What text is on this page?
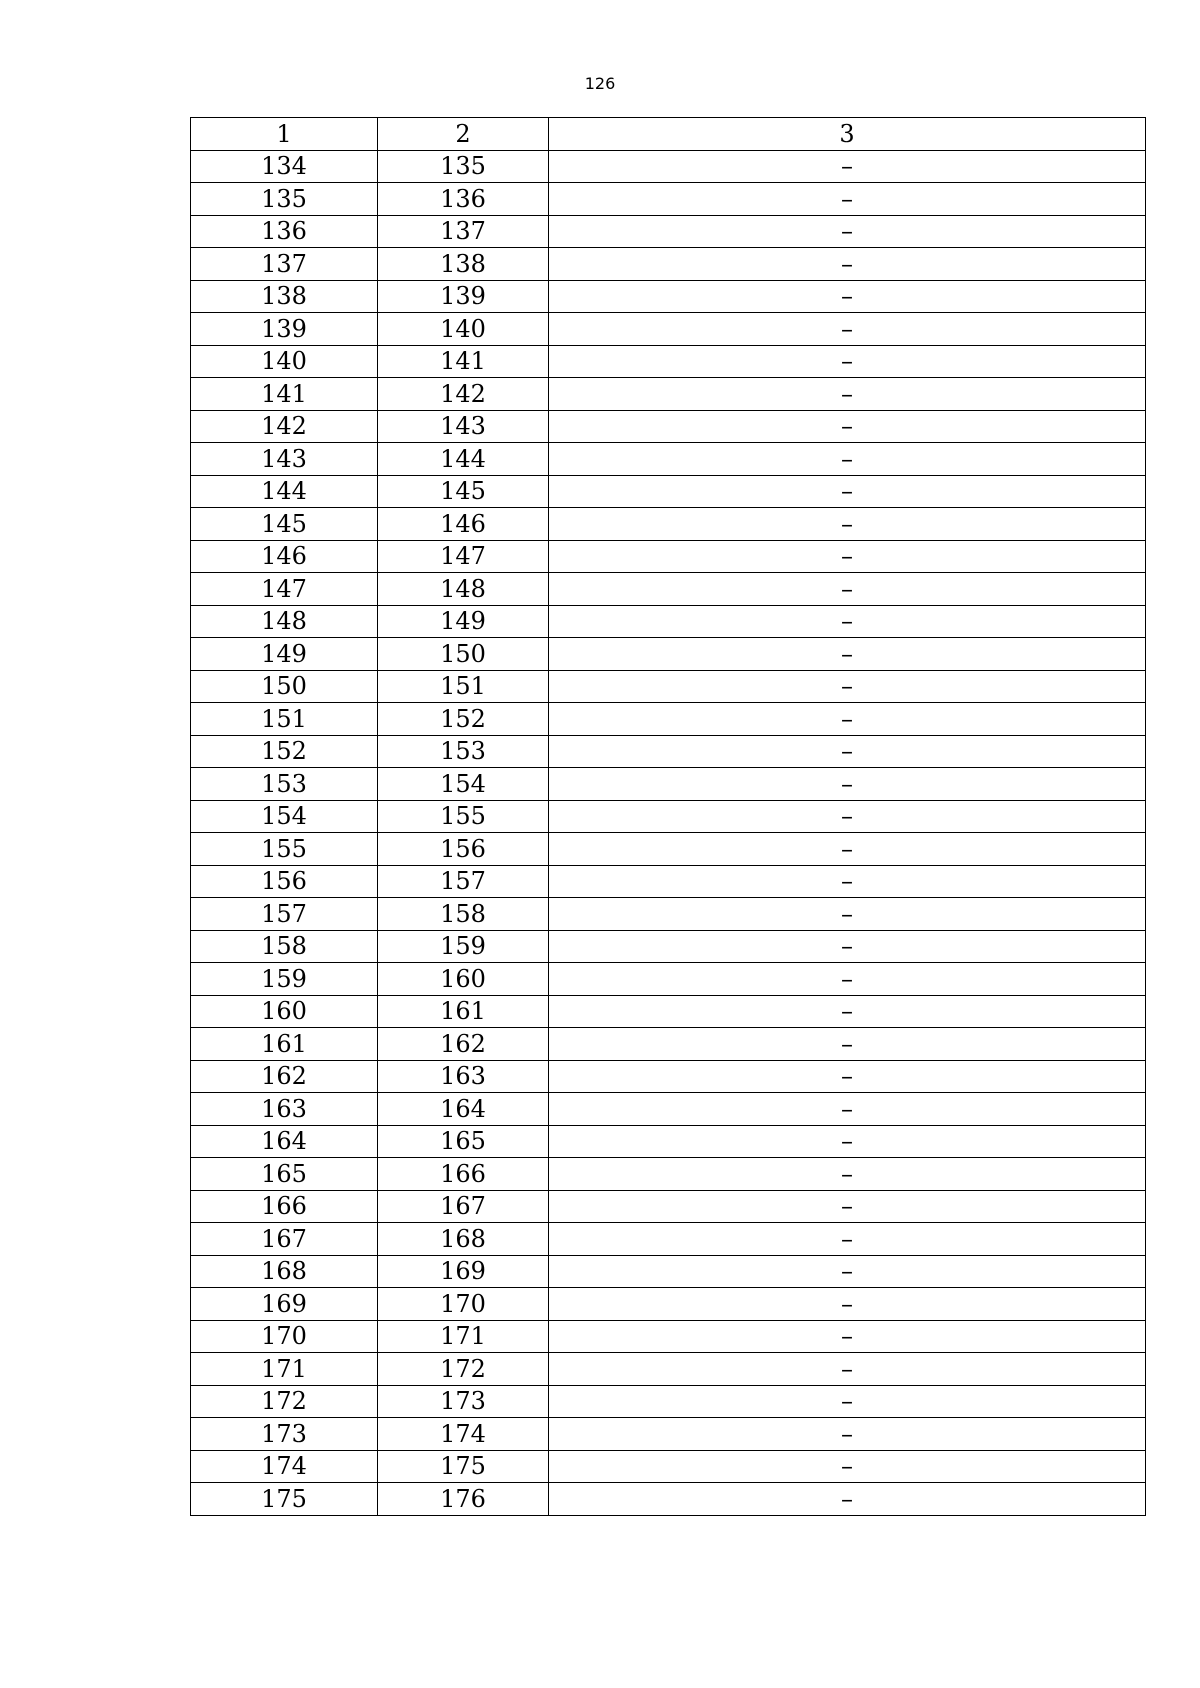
126
1	2	3
134	135	–
135	136	–
136	137	–
137	138	–
138	139	–
139	140	–
140	141	–
141	142	–
142	143	–
143	144	–
144	145	–
145	146	–
146	147	–
147	148	–
148	149	–
149	150	–
150	151	–
151	152	–
152	153	–
153	154	–
154	155	–
155	156	–
156	157	–
157	158	–
158	159	–
159	160	–
160	161	–
161	162	–
162	163	–
163	164	–
164	165	–
165	166	–
166	167	–
167	168	–
168	169	–
169	170	–
170	171	–
171	172	–
172	173	–
173	174	–
174	175	–
175	176	–
